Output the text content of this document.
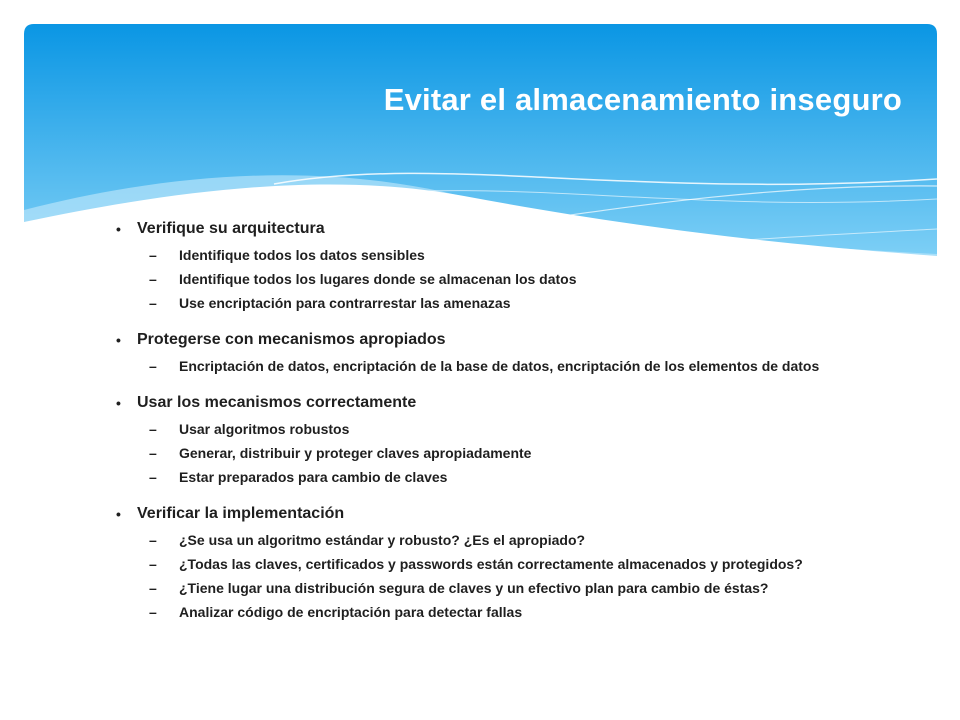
Evitar el almacenamiento inseguro
• Verifique su arquitectura
– Identifique todos los datos sensibles
– Identifique todos los lugares donde se almacenan los datos
– Use encriptación para contrarrestar las amenazas
• Protegerse con mecanismos apropiados
– Encriptación de datos, encriptación de la base de datos, encriptación de los elementos de datos
• Usar los mecanismos correctamente
– Usar algoritmos robustos
– Generar, distribuir y proteger claves apropiadamente
– Estar preparados para cambio de claves
• Verificar la implementación
– ¿Se usa un algoritmo estándar y robusto? ¿Es el apropiado?
– ¿Todas las claves, certificados y passwords están correctamente almacenados y protegidos?
– ¿Tiene lugar una distribución segura de claves y un efectivo plan para cambio de éstas?
– Analizar código de encriptación para detectar fallas
